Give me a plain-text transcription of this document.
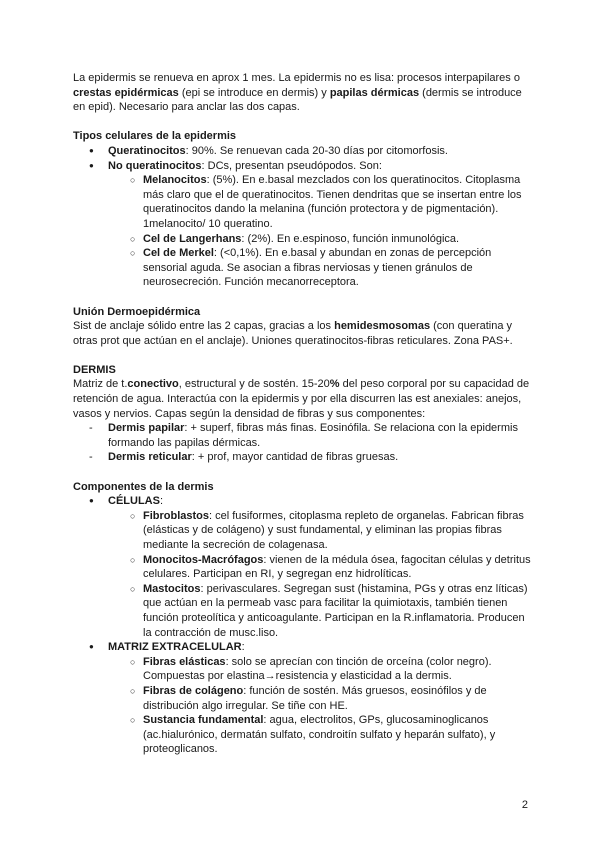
La epidermis se renueva en aprox 1 mes. La epidermis no es lisa: procesos interpapilares o crestas epidérmicas (epi se introduce en dermis) y papilas dérmicas (dermis se introduce en epid). Necesario para anclar las dos capas.

Tipos celulares de la epidermis

● Queratinocitos: 90%. Se renuevan cada 20-30 días por citomorfosis.
● No queratinocitos: DCs, presentan pseudópodos. Son:
○ Melanocitos: (5%). En e.basal mezclados con los queratinocitos. Citoplasma más claro que el de queratinocitos. Tienen dendritas que se insertan entre los queratinocitos dando la melanina (función protectora y de pigmentación). 1melanocito/ 10 queratino.
○ Cel de Langerhans: (2%). En e.espinoso, función inmunológica.
○ Cel de Merkel: (<0,1%). En e.basal y abundan en zonas de percepción sensorial aguda. Se asocian a fibras nerviosas y tienen gránulos de neurosecreción. Función mecanorreceptora.

Unión Dermoepidérmica

Sist de anclaje sólido entre las 2 capas, gracias a los hemidesmosomas (con queratina y otras prot que actúan en el anclaje). Uniones queratinocitos-fibras reticulares. Zona PAS+.

DERMIS

Matriz de t.conectivo, estructural y de sostén. 15-20% del peso corporal por su capacidad de retención de agua. Interactúa con la epidermis y por ella discurren las est anexiales: anejos, vasos y nervios. Capas según la densidad de fibras y sus componentes:

- Dermis papilar: + superf, fibras más finas. Eosinófila. Se relaciona con la epidermis formando las papilas dérmicas.
- Dermis reticular: + prof, mayor cantidad de fibras gruesas.

Componentes de la dermis

● CÉLULAS:
○ Fibroblastos: cel fusiformes, citoplasma repleto de organelas. Fabrican fibras (elásticas y de colágeno) y sust fundamental, y eliminan las propias fibras mediante la secreción de colagenasa.
○ Monocitos-Macrófagos: vienen de la médula ósea, fagocitan células y detritus celulares. Participan en RI, y segregan enz hidrolíticas.
○ Mastocitos: perivasculares. Segregan sust (histamina, PGs y otras enz líticas) que actúan en la permeab vasc para facilitar la quimiotaxis, también tienen función proteolítica y anticoagulante. Participan en la R.inflamatoria. Producen la contracción de musc.liso.
● MATRIZ EXTRACELULAR:
○ Fibras elásticas: solo se aprecían con tinción de orceína (color negro). Compuestas por elastina→resistencia y elasticidad a la dermis.
○ Fibras de colágeno: función de sostén. Más gruesos, eosinófilos y de distribución algo irregular. Se tiñe con HE.
○ Sustancia fundamental: agua, electrolitos, GPs, glucosaminoglicanos (ac.hialurónico, dermatán sulfato, condroitín sulfato y heparán sulfato), y proteoglicanos.
2
